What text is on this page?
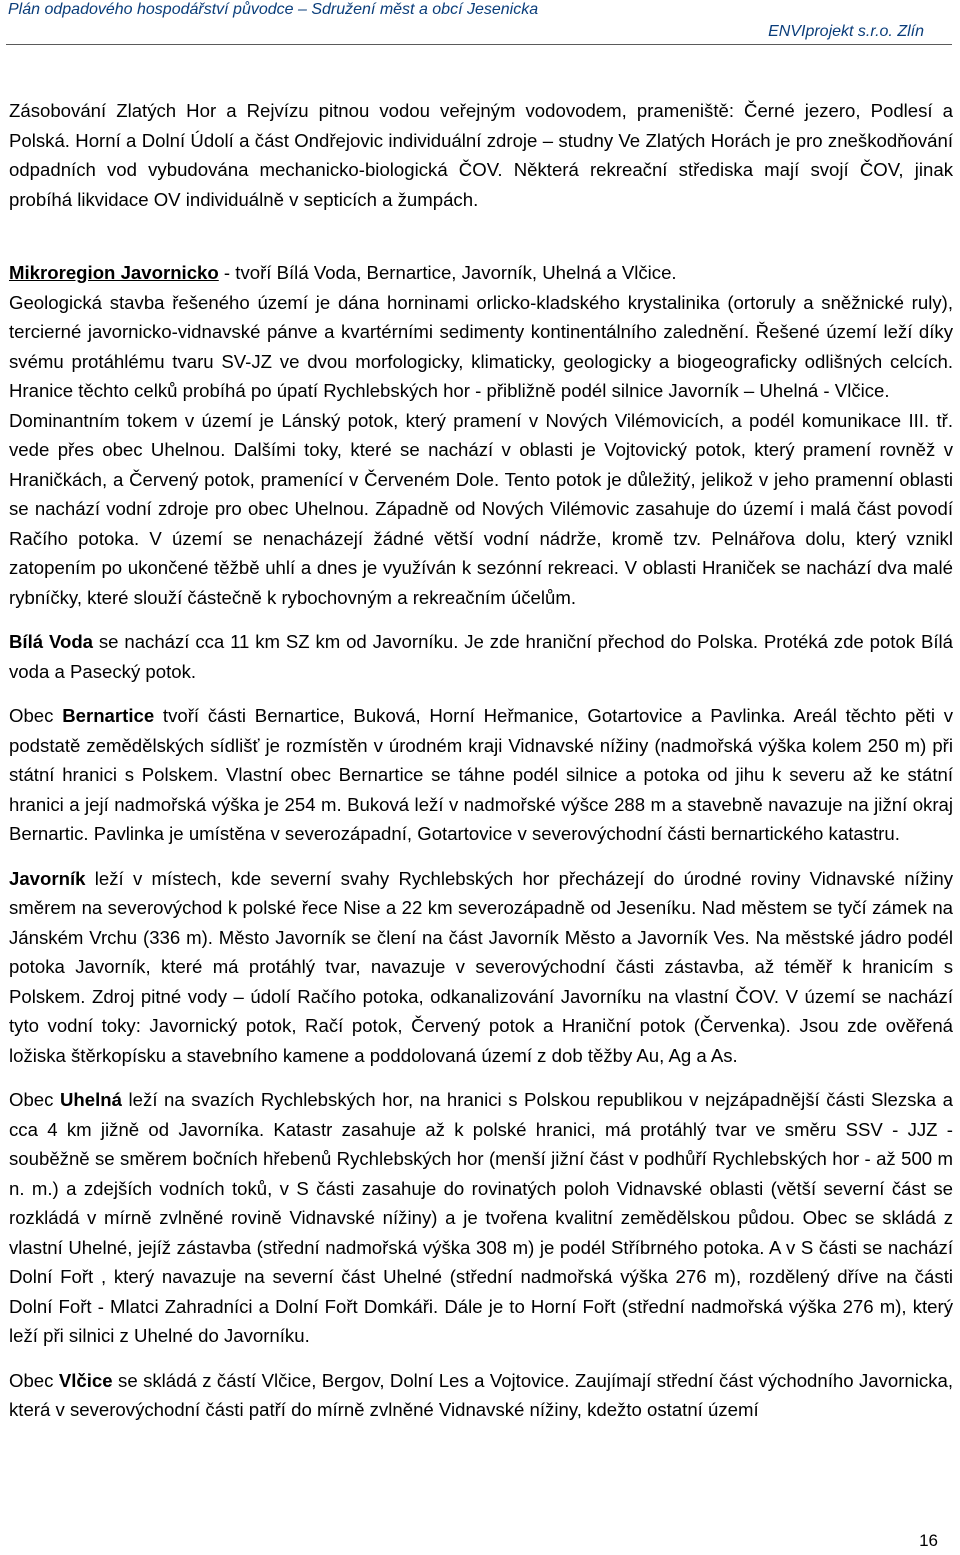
Plán odpadového hospodářství původce – Sdružení měst a obcí Jesenicka
ENVIprojekt s.r.o. Zlín

Zásobování Zlatých Hor a Rejvízu pitnou vodou veřejným vodovodem, prameniště: Černé jezero, Podlesí a Polská. Horní a Dolní Údolí a část Ondřejovic individuální zdroje – studny Ve Zlatých Horách je pro zneškodňování odpadních vod vybudována mechanicko-biologická ČOV. Některá rekreační střediska mají svojí ČOV, jinak probíhá likvidace OV individuálně v septicích a žumpách.

Mikroregion Javornicko - tvoří Bílá Voda, Bernartice, Javorník, Uhelná a Vlčice.

Geologická stavba řešeného území je dána horninami orlicko-kladského krystalinika (ortoruly a sněžnické ruly), tercierné javornicko-vidnavské pánve a kvartérními sedimenty kontinentálního zalednění. Řešené území leží díky svému protáhlému tvaru SV-JZ ve dvou morfologicky, klimaticky, geologicky a biogeograficky odlišných celcích. Hranice těchto celků probíhá po úpatí Rychlebských hor - přibližně podél silnice Javorník – Uhelná - Vlčice.

Dominantním tokem v území je Lánský potok, který pramení v Nových Vilémovicích, a podél komunikace III. tř. vede přes obec Uhelnou. Dalšími toky, které se nachází v oblasti je Vojtovický potok, který pramení rovněž v Hraničkách, a Červený potok, pramenící v Červeném Dole. Tento potok je důležitý, jelikož v jeho pramenní oblasti se nachází vodní zdroje pro obec Uhelnou. Západně od Nových Vilémovic zasahuje do území i malá část povodí Račího potoka. V území se nenacházejí žádné větší vodní nádrže, kromě tzv. Pelnářova dolu, který vznikl zatopením po ukončené těžbě uhlí a dnes je využíván k sezónní rekreaci. V oblasti Hraniček se nachází dva malé rybníčky, které slouží částečně k rybochovným a rekreačním účelům.

Bílá Voda se nachází cca 11 km SZ km od Javorníku. Je zde hraniční přechod do Polska. Protéká zde potok Bílá voda a Pasecký potok.

Obec Bernartice tvoří části Bernartice, Buková, Horní Heřmanice, Gotartovice a Pavlinka. Areál těchto pěti v podstatě zemědělských sídlišť je rozmístěn v úrodném kraji Vidnavské nížiny (nadmořská výška kolem 250 m) při státní hranici s Polskem. Vlastní obec Bernartice se táhne podél silnice a potoka od jihu k severu až ke státní hranici a její nadmořská výška je 254 m. Buková leží v nadmořské výšce 288 m a stavebně navazuje na jižní okraj Bernartic. Pavlinka je umístěna v severozápadní, Gotartovice v severovýchodní části bernartického katastru.

Javorník leží v místech, kde severní svahy Rychlebských hor přecházejí do úrodné roviny Vidnavské nížiny směrem na severovýchod k polské řece Nise a 22 km severozápadně od Jeseníku. Nad městem se tyčí zámek na Jánském Vrchu (336 m). Město Javorník se člení na část Javorník Město a Javorník Ves. Na městské jádro podél potoka Javorník, které má protáhlý tvar, navazuje v severovýchodní části zástavba, až téměř k hranicím s Polskem. Zdroj pitné vody – údolí Račího potoka, odkanalizování Javorníku na vlastní ČOV. V území se nachází tyto vodní toky: Javornický potok, Račí potok, Červený potok a Hraniční potok (Červenka). Jsou zde ověřená ložiska štěrkopísku a stavebního kamene a poddolovaná území z dob těžby Au, Ag a As.

Obec Uhelná leží na svazích Rychlebských hor, na hranici s Polskou republikou v nejzápadnější části Slezska a cca 4 km jižně od Javorníka. Katastr zasahuje až k polské hranici, má protáhlý tvar ve směru SSV - JJZ - souběžně se směrem bočních hřebenů Rychlebských hor (menší jižní část v podhůří Rychlebských hor - až 500 m n. m.) a zdejších vodních toků, v S části zasahuje do rovinatých poloh Vidnavské oblasti (větší severní část se rozkládá v mírně zvlněné rovině Vidnavské nížiny) a je tvořena kvalitní zemědělskou půdou. Obec se skládá z vlastní Uhelné, jejíž zástavba (střední nadmořská výška 308 m) je podél Stříbrného potoka. A v S části se nachází Dolní Fořt , který navazuje na severní část Uhelné (střední nadmořská výška 276 m), rozdělený dříve na části Dolní Fořt - Mlatci Zahradníci a Dolní Fořt Domkáři. Dále je to Horní Fořt (střední nadmořská výška 276 m), který leží při silnici z Uhelné do Javorníku.

Obec Vlčice se skládá z částí Vlčice, Bergov, Dolní Les a Vojtovice. Zaujímají střední část východního Javornicka, která v severovýchodní části patří do mírně zvlněné Vidnavské nížiny, kdežto ostatní území

16
